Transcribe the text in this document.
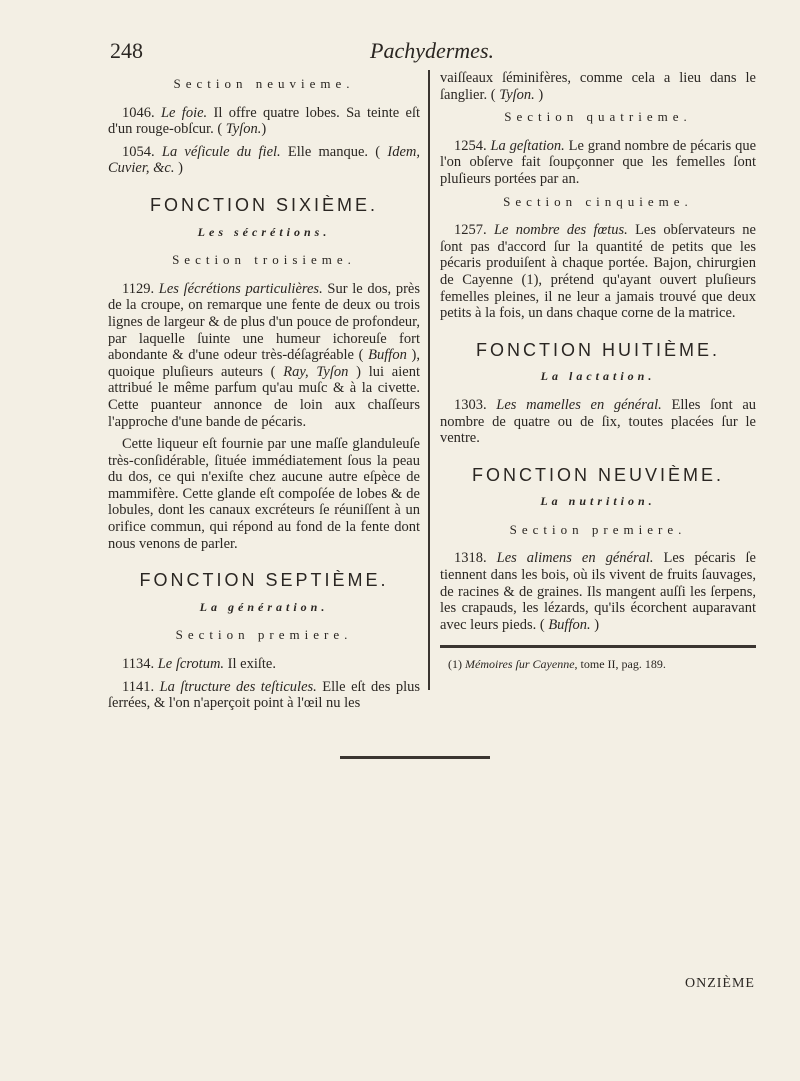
248	Pachydermes.
Section neuvieme.

1046. Le foie. Il offre quatre lobes. Sa teinte eſt d'un rouge-obſcur. ( Tyſon.)

1054. La véſicule du fiel. Elle manque. ( Idem, Cuvier, &c. )

FONCTION SIXIÈME.
Les sécrétions.
Section troisieme.

1129. Les ſécrétions particulières. Sur le dos, près de la croupe, on remarque une fente de deux ou trois lignes de largeur & de plus d'un pouce de profondeur, par laquelle ſuinte une humeur ichoreuſe fort abondante & d'une odeur très-déſagréable ( Buffon ), quoique pluſieurs auteurs ( Ray, Tyſon ) lui aient attribué le même parfum qu'au muſc & à la civette. Cette puanteur annonce de loin aux chaſſeurs l'approche d'une bande de pécaris.

Cette liqueur eſt fournie par une maſſe glanduleuſe très-conſidérable, ſituée immédiatement ſous la peau du dos, ce qui n'exiſte chez aucune autre eſpèce de mammifère. Cette glande eſt compoſée de lobes & de lobules, dont les canaux excréteurs ſe réuniſſent à un orifice commun, qui répond au fond de la fente dont nous venons de parler.

FONCTION SEPTIÈME.
La génération.
Section premiere.

1134. Le ſcrotum. Il exiſte.

1141. La ſtructure des teſticules. Elle eſt des plus ſerrées, & l'on n'aperçoit point à l'œil nu les

vaiſſeaux ſéminifères, comme cela a lieu dans le ſanglier. ( Tyſon. )

Section quatrieme.

1254. La geſtation. Le grand nombre de pécaris que l'on obſerve fait ſoupçonner que les femelles ſont pluſieurs portées par an.

Section cinquieme.

1257. Le nombre des fœtus. Les obſervateurs ne ſont pas d'accord ſur la quantité de petits que les pécaris produiſent à chaque portée. Bajon, chirurgien de Cayenne (1), prétend qu'ayant ouvert pluſieurs femelles pleines, il ne leur a jamais trouvé que deux petits à la fois, un dans chaque corne de la matrice.

FONCTION HUITIÈME.
La lactation.

1303. Les mamelles en général. Elles ſont au nombre de quatre ou de ſix, toutes placées ſur le ventre.

FONCTION NEUVIÈME.
La nutrition.
Section premiere.

1318. Les alimens en général. Les pécaris ſe tiennent dans les bois, où ils vivent de fruits ſauvages, de racines & de graines. Ils mangent auſſi les ſerpens, les crapauds, les lézards, qu'ils écorchent auparavant avec leurs pieds. ( Buffon. )

(1) Mémoires ſur Cayenne, tome II, pag. 189.

ONZIÈME
